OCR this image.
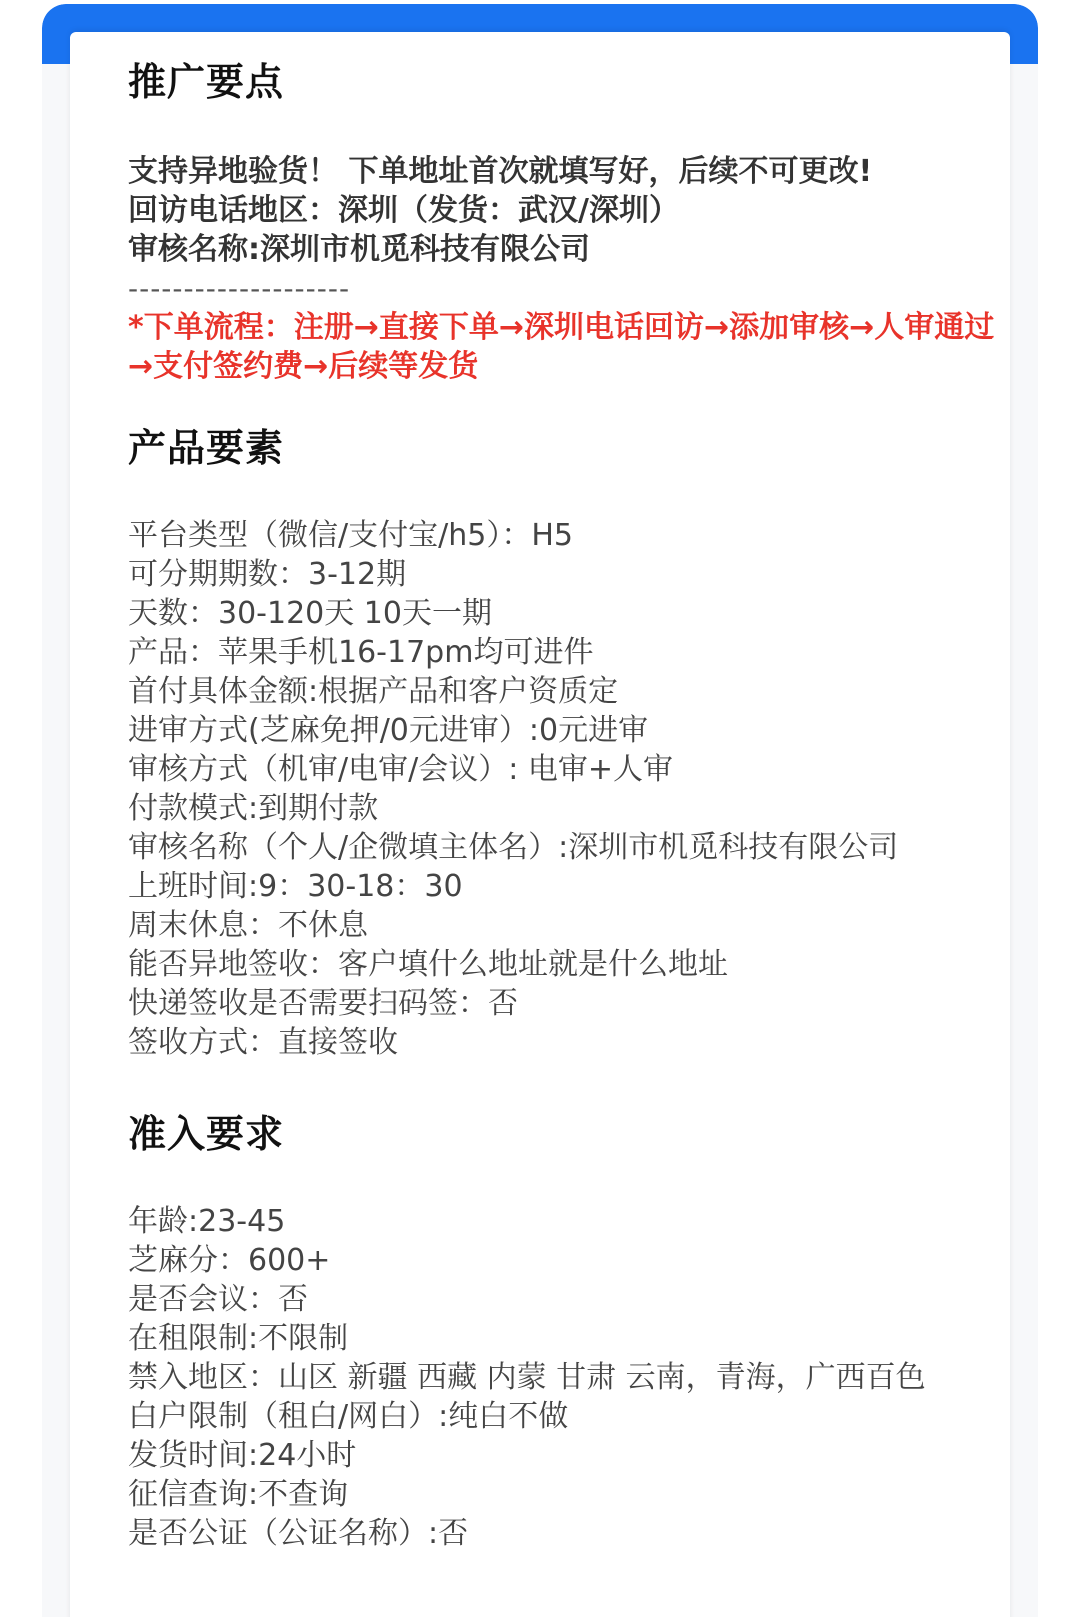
推广要点
支持异地验货！ 下单地址首次就填写好，后续不可更改!
回访电话地区：深圳（发货：武汉/深圳）
审核名称:深圳市机觅科技有限公司
--------------------
*下单流程：注册→直接下单→深圳电话回访→添加审核→人审通过→支付签约费→后续等发货
产品要素
平台类型（微信/支付宝/h5）：H5
可分期期数：3-12期
天数：30-120天 10天一期
产品：苹果手机16-17pm均可进件
首付具体金额:根据产品和客户资质定
进审方式(芝麻免押/0元进审）:0元进审
审核方式（机审/电审/会议）: 电审+人审
付款模式:到期付款
审核名称（个人/企微填主体名）:深圳市机觅科技有限公司
上班时间:9：30-18：30
周末休息：不休息
能否异地签收：客户填什么地址就是什么地址
快递签收是否需要扫码签：否
签收方式：直接签收
准入要求
年龄:23-45
芝麻分：600+
是否会议：否
在租限制:不限制
禁入地区：山区 新疆 西藏 内蒙 甘肃 云南，青海，广西百色
白户限制（租白/网白）:纯白不做
发货时间:24小时
征信查询:不查询
是否公证（公证名称）:否
